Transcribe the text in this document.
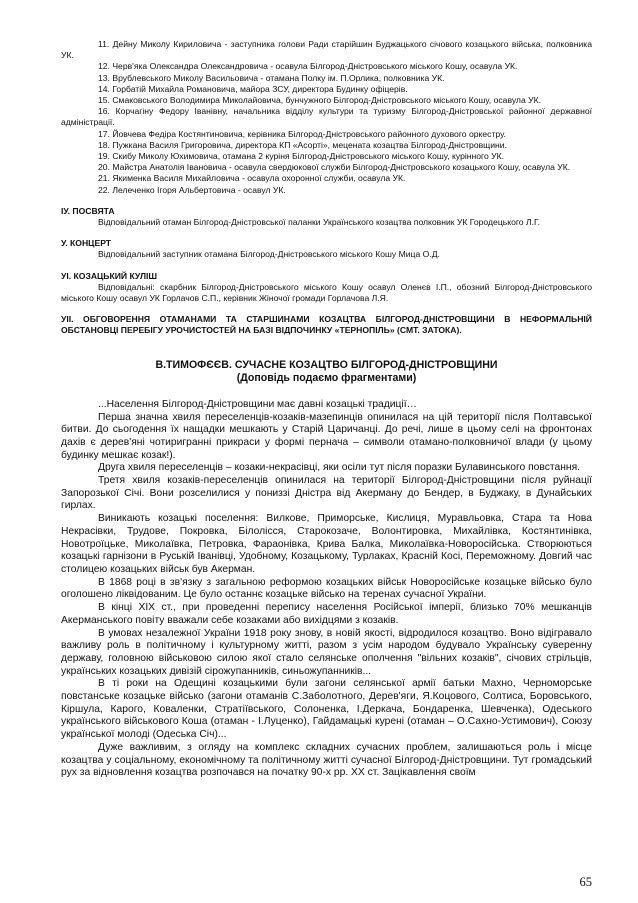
11. Дейну Миколу Кириловича - заступника голови Ради старійшин Буджацького січового козацького війська, полковника УК.

12. Черв'яка Олександра Олександровича - осавула Білгород-Дністровського міського Кошу, осавула УК.

13. Врублевського Миколу Васильовича - отамана Полку ім. П.Орлика, полковника УК.

14. Горбатій Михайла Романовича, майора ЗСУ, директора Будинку офіцерів.

15. Смаковського Володимира Миколайовича, бунчужного Білгород-Дністровського міського Кошу, осавула УК.

16. Корчагіну Федору Іванівну, начальника відділу культури та туризму Білгород-Дністровської районної державної адміністрації.

17. Йовчева Федіра Костянтиновича, керівника Білгород-Дністровського районного духового оркестру.

18. Пужкана Василя Григоровича, директора КП «Асорті», мецената козацтва Білгород-Дністровщини.

19. Скибу Миколу Юхимовича, отамана 2 куріня Білгород-Дністровського міського Кошу, курінного УК.

20. Майстра Анатолія Івановича - осавула свердюкової служби Білгород-Дністровського козацького Кошу, осавула УК.

21. Якименка Василя Михайловича - осавула охоронної служби, осавула УК.

22. Лелеченко Ігоря Альбертовича - осавул УК.

IУ. ПОСВЯТА

Відповідальний отаман Білгород-Дністровської паланки Українського козацтва полковник УК Городецького Л.Г.

У. КОНЦЕРТ

Відповідальний заступник отамана Білгород-Дністровського міського Кошу Мица О.Д.

УІ. КОЗАЦЬКИЙ КУЛІШ

Відповідальні: скарбник Білгород-Дністровського міського Кошу осавул Оленєв І.П., обозний Білгород-Дністровського міського Кошу осавул УК Горлачов С.П., керівник Жіночої громади Горлачова Л.Я.

УІІ. ОБГОВОРЕННЯ ОТАМАНАМИ ТА СТАРШИНАМИ КОЗАЦТВА БІЛГОРОД-ДНІСТРОВЩИНИ В НЕФОРМАЛЬНІЙ ОБСТАНОВЦІ ПЕРЕБІГУ УРОЧИСТОСТЕЙ НА БАЗІ ВІДПОЧИНКУ «ТЕРНОПІЛЬ» (СМТ. ЗАТОКА).

В.ТИМОФЄЄВ. СУЧАСНЕ КОЗАЦТВО БІЛГОРОД-ДНІСТРОВЩИНИ
(Доповідь подаємо фрагментами)

...Населення Білгород-Дністровщини має давні козацькі традиції…

Перша значна хвиля переселенців-козаків-мазепинців опинилася на цій території після Полтавської битви. До сьогодення їх нащадки мешкають у Старій Царичанці. До речі, лише в цьому селі на фронтонах дахів є дерев'яні чотиригранні прикраси у формі пернача – символи отамано-полковничої влади (у цьому будинку мешкає козак!).

Друга хвиля переселенців – козаки-некрасівці, яки осіли тут після поразки Булавинського повстання.

Третя хвиля козаків-переселенців опинилася на території Білгород-Дністровщини після руйнації Запорозької Січі. Вони розселилися у пониззі Дністра від Акерману до Бендер, в Буджаку, в Дунайських гирлах.

Виникають козацькі поселення: Вилкове, Приморське, Кислиця, Муравльовка, Стара та Нова Некрасівки, Трудове, Покровка, Білолісся, Старокозаче, Волонтировка, Михайлівка, Костянтинівка, Новотроїцьке, Миколаївка, Петровка, Фараонівка, Крива Балка, Миколаївка-Новоросійська. Створюються козацькі гарнізони в Руській Іванівці, Удобному, Козацькому, Турлаках, Красній Косі, Переможному. Довгий час столицею козацьких військ був Акерман.

В 1868 році в зв'язку з загальною реформою козацьких військ Новоросійське козацьке військо було оголошено ліквідованим. Це було останнє козацьке військо на теренах сучасної України.

В кінці XIX ст., при проведенні перепису населення Російської імперії, близько 70% мешканців Акерманського повіту вважали себе козаками або вихідцями з козаків.

В умовах незалежної України 1918 року знову, в новій якості, відродилося козацтво. Воно відігравало важливу роль в політичному і культурному житті, разом з усім народом будувало Українську суверенну державу, головною військовою силою якої стало селянське ополчення "вільних козаків", січових стрільців, українських козацьких дивізій сірожупанників, синьожупанників...

В ті роки на Одещині козацькими були загони селянської армії батьки Махно, Черноморське повстанське козацьке військо (загони отаманів С.Заболотного, Дерев'яги, Я.Коцового, Солтиса, Боровського, Кіршула, Карого, Коваленки, Стратіївського, Солоненка, І.Деркача, Бондаренка, Шевченка), Одеського українського військового Коша (отаман - І.Луценко), Гайдамацькі курені (отаман – О.Сахно-Устимович), Союзу української молоді (Одеська Січ)...

Дуже важливим, з огляду на комплекс складних сучасних проблем, залишаються роль і місце козацтва у соціальному, економічному та політичному житті сучасної Білгород-Дністровщини. Тут громадський рух за відновлення козацтва розпочався на початку 90-х рр. ХХ ст. Зацікавлення своїм

65
